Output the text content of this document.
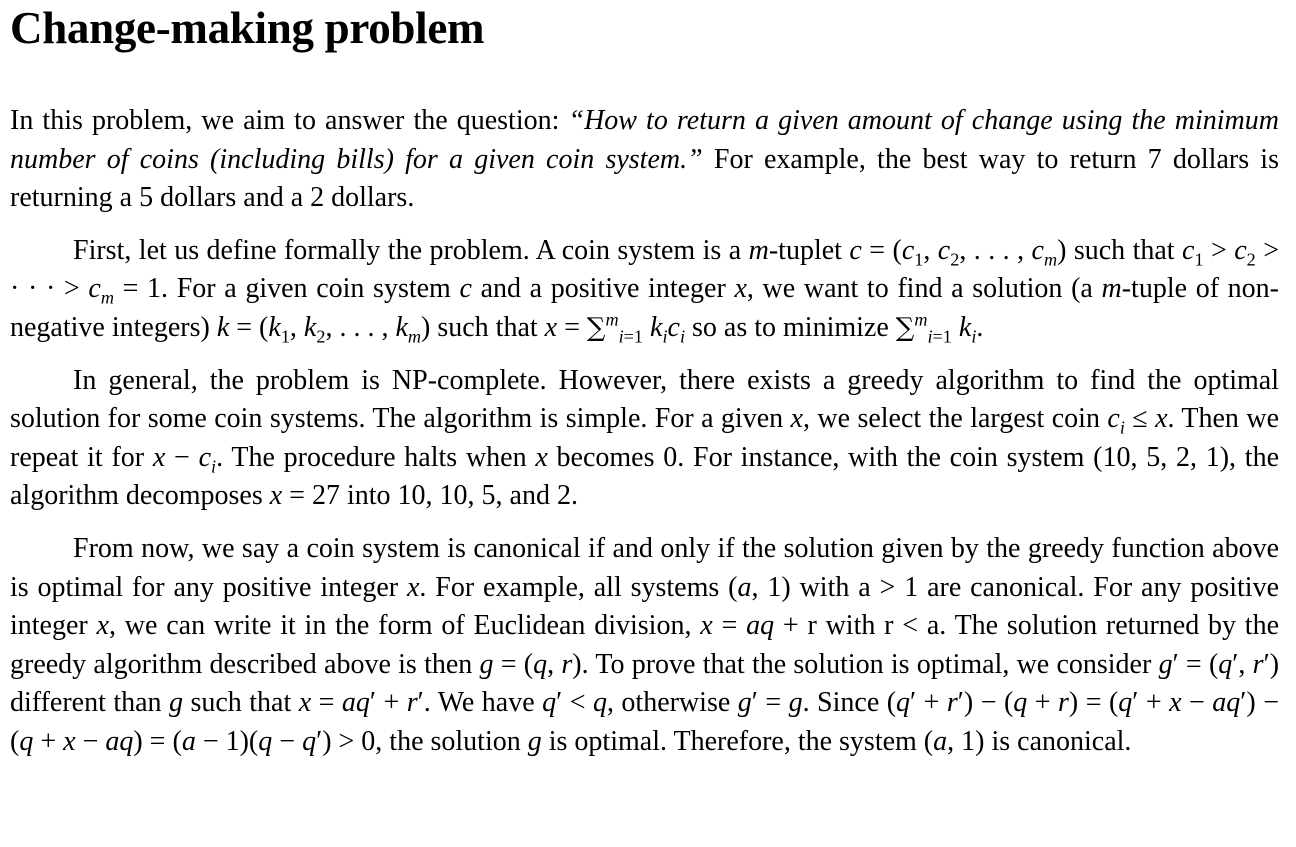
Change-making problem

In this problem, we aim to answer the question: “How to return a given amount of change using the minimum number of coins (including bills) for a given coin system.” For example, the best way to return 7 dollars is returning a 5 dollars and a 2 dollars.

First, let us define formally the problem. A coin system is a m-tuplet $c = (c_1$, $c_2$, . . . , $c_m$) such that $c_1 > c_2$ > · · · > $c_m = 1$. For a given coin system c and a positive integer x, we want to find a solution (a m-tuple of non-negative integers) $k = (k_1$, $k_2$, . . . , $k_m$) such that x = ∑$^m_{i=1}$ $k_ic_i$ so as to minimize ∑$^m_{i=1}$ $k_i$.

In general, the problem is NP-complete. However, there exists a greedy algorithm to find the optimal solution for some coin systems. The algorithm is simple. For a given x, we select the largest coin $c_i \le x$. Then we repeat it for $x - c_i$. The procedure halts when x becomes 0. For instance, with the coin system (10, 5, 2, 1), the algorithm decomposes x = 27 into 10, 10, 5, and 2.

From now, we say a coin system is canonical if and only if the solution given by the greedy function above is optimal for any positive integer x. For example, all systems (a, 1) with a > 1 are canonical. For any positive integer x, we can write it in the form of Euclidean division, x = aq + r with r < a. The solution returned by the greedy algorithm described above is then g = (q, r). To prove that the solution is optimal, we consider g′ = (q′, r′) different than g such that x = aq′ + r′. We have q′ < q, otherwise g′ = g. Since (q′ + r′) − (q + r) = (q′ + x − aq′) − (q + x − aq) = (a − 1)(q − q′) > 0, the solution g is optimal. Therefore, the system (a, 1) is canonical.
